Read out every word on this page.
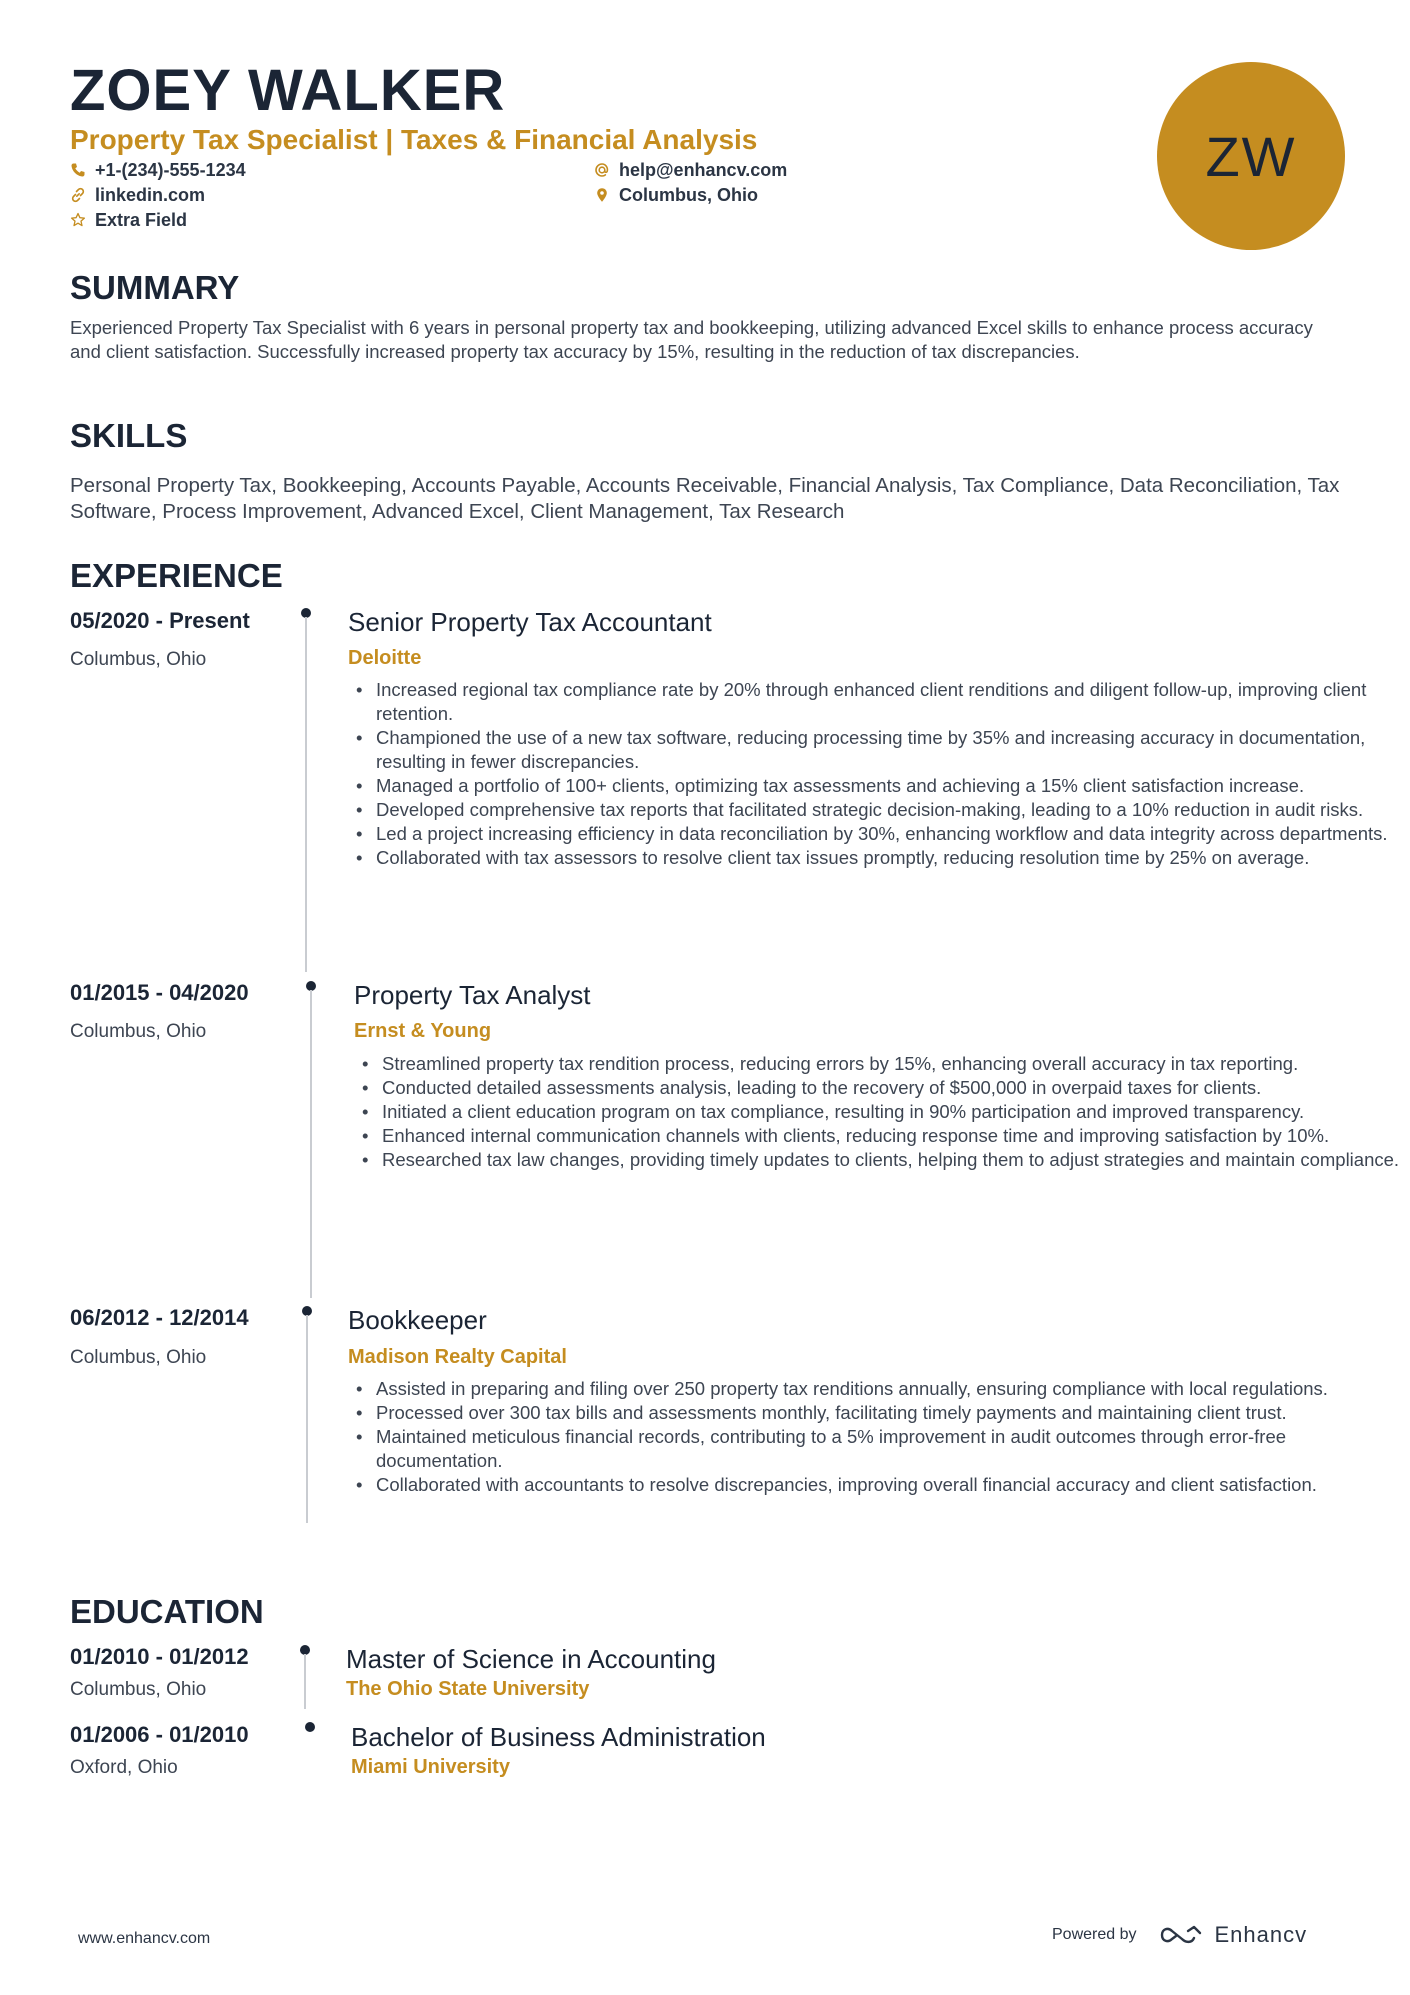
ZOEY WALKER
Property Tax Specialist | Taxes & Financial Analysis
+1-(234)-555-1234	help@enhancv.com
linkedin.com	Columbus, Ohio
Extra Field
ZW
SUMMARY

Experienced Property Tax Specialist with 6 years in personal property tax and bookkeeping, utilizing advanced Excel skills to enhance process accuracy and client satisfaction. Successfully increased property tax accuracy by 15%, resulting in the reduction of tax discrepancies.

SKILLS

Personal Property Tax, Bookkeeping, Accounts Payable, Accounts Receivable, Financial Analysis, Tax Compliance, Data Reconciliation, Tax Software, Process Improvement, Advanced Excel, Client Management, Tax Research

EXPERIENCE
05/2020 - Present
Columbus, Ohio
Senior Property Tax Accountant
Deloitte
• Increased regional tax compliance rate by 20% through enhanced client renditions and diligent follow-up, improving client retention.
• Championed the use of a new tax software, reducing processing time by 35% and increasing accuracy in documentation, resulting in fewer discrepancies.
• Managed a portfolio of 100+ clients, optimizing tax assessments and achieving a 15% client satisfaction increase.
• Developed comprehensive tax reports that facilitated strategic decision-making, leading to a 10% reduction in audit risks.
• Led a project increasing efficiency in data reconciliation by 30%, enhancing workflow and data integrity across departments.
• Collaborated with tax assessors to resolve client tax issues promptly, reducing resolution time by 25% on average.
01/2015 - 04/2020
Columbus, Ohio
Property Tax Analyst
Ernst & Young
• Streamlined property tax rendition process, reducing errors by 15%, enhancing overall accuracy in tax reporting.
• Conducted detailed assessments analysis, leading to the recovery of $500,000 in overpaid taxes for clients.
• Initiated a client education program on tax compliance, resulting in 90% participation and improved transparency.
• Enhanced internal communication channels with clients, reducing response time and improving satisfaction by 10%.
• Researched tax law changes, providing timely updates to clients, helping them to adjust strategies and maintain compliance.
06/2012 - 12/2014
Columbus, Ohio
Bookkeeper
Madison Realty Capital
• Assisted in preparing and filing over 250 property tax renditions annually, ensuring compliance with local regulations.
• Processed over 300 tax bills and assessments monthly, facilitating timely payments and maintaining client trust.
• Maintained meticulous financial records, contributing to a 5% improvement in audit outcomes through error-free documentation.
• Collaborated with accountants to resolve discrepancies, improving overall financial accuracy and client satisfaction.
EDUCATION
01/2010 - 01/2012
Columbus, Ohio
Master of Science in Accounting
The Ohio State University
01/2006 - 01/2010
Oxford, Ohio
Bachelor of Business Administration
Miami University
www.enhancv.com	Powered by	Enhancv
